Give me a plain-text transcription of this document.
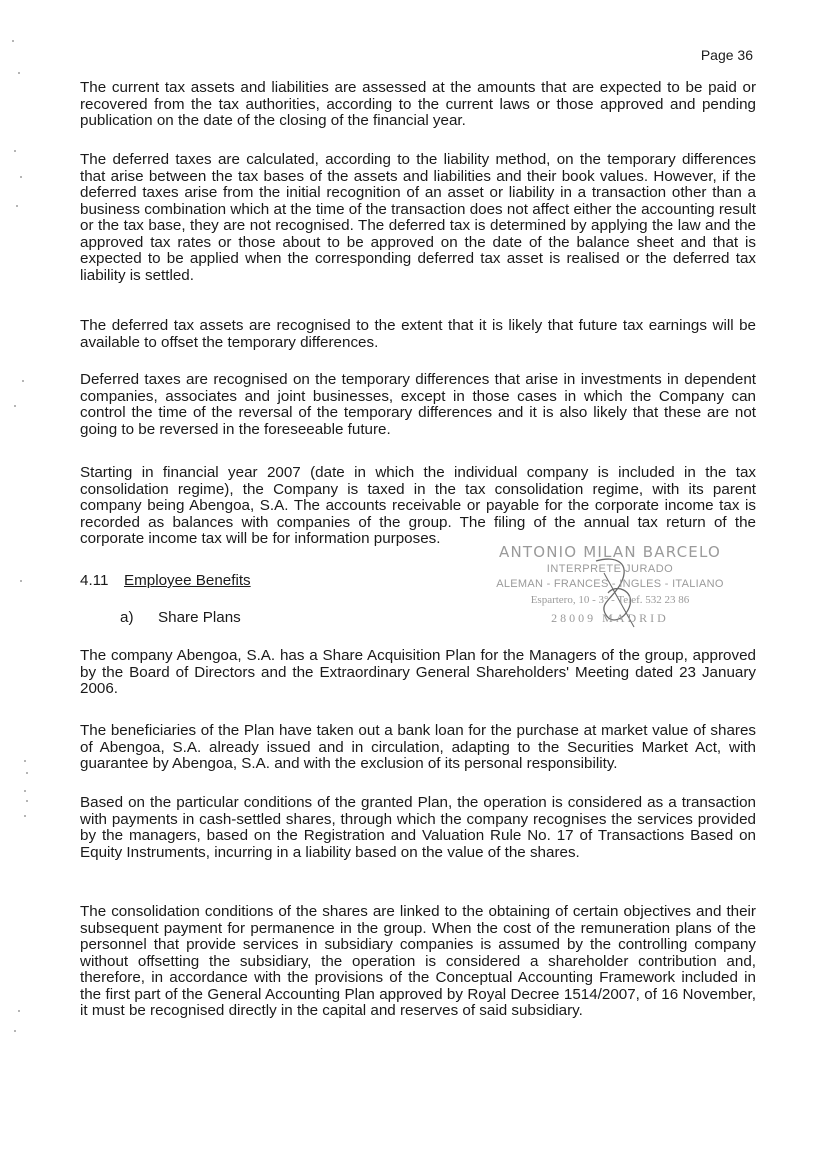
Page 36

The current tax assets and liabilities are assessed at the amounts that are expected to be paid or recovered from the tax authorities, according to the current laws or those approved and pending publication on the date of the closing of the financial year.

The deferred taxes are calculated, according to the liability method, on the temporary differences that arise between the tax bases of the assets and liabilities and their book values. However, if the deferred taxes arise from the initial recognition of an asset or liability in a transaction other than a business combination which at the time of the transaction does not affect either the accounting result or the tax base, they are not recognised. The deferred tax is determined by applying the law and the approved tax rates or those about to be approved on the date of the balance sheet and that is expected to be applied when the corresponding deferred tax asset is realised or the deferred tax liability is settled.

The deferred tax assets are recognised to the extent that it is likely that future tax earnings will be available to offset the temporary differences.

Deferred taxes are recognised on the temporary differences that arise in investments in dependent companies, associates and joint businesses, except in those cases in which the Company can control the time of the reversal of the temporary differences and it is also likely that these are not going to be reversed in the foreseeable future.

Starting in financial year 2007 (date in which the individual company is included in the tax consolidation regime), the Company is taxed in the tax consolidation regime, with its parent company being Abengoa, S.A. The accounts receivable or payable for the corporate income tax is recorded as balances with companies of the group. The filing of the annual tax return of the corporate income tax will be for information purposes.

4.11 Employee Benefits
a) Share Plans

The company Abengoa, S.A. has a Share Acquisition Plan for the Managers of the group, approved by the Board of Directors and the Extraordinary General Shareholders' Meeting dated 23 January 2006.

The beneficiaries of the Plan have taken out a bank loan for the purchase at market value of shares of Abengoa, S.A. already issued and in circulation, adapting to the Securities Market Act, with guarantee by Abengoa, S.A. and with the exclusion of its personal responsibility.

Based on the particular conditions of the granted Plan, the operation is considered as a transaction with payments in cash-settled shares, through which the company recognises the services provided by the managers, based on the Registration and Valuation Rule No. 17 of Transactions Based on Equity Instruments, incurring in a liability based on the value of the shares.

The consolidation conditions of the shares are linked to the obtaining of certain objectives and their subsequent payment for permanence in the group. When the cost of the remuneration plans of the personnel that provide services in subsidiary companies is assumed by the controlling company without offsetting the subsidiary, the operation is considered a shareholder contribution and, therefore, in accordance with the provisions of the Conceptual Accounting Framework included in the first part of the General Accounting Plan approved by Royal Decree 1514/2007, of 16 November, it must be recognised directly in the capital and reserves of said subsidiary.

ANTONIO MILAN BARCELO
INTERPRETE JURADO
ALEMAN - FRANCES - INGLES - ITALIANO
Espartero, 10 - 3° - Telef. 532 23 86
28009 MADRID
